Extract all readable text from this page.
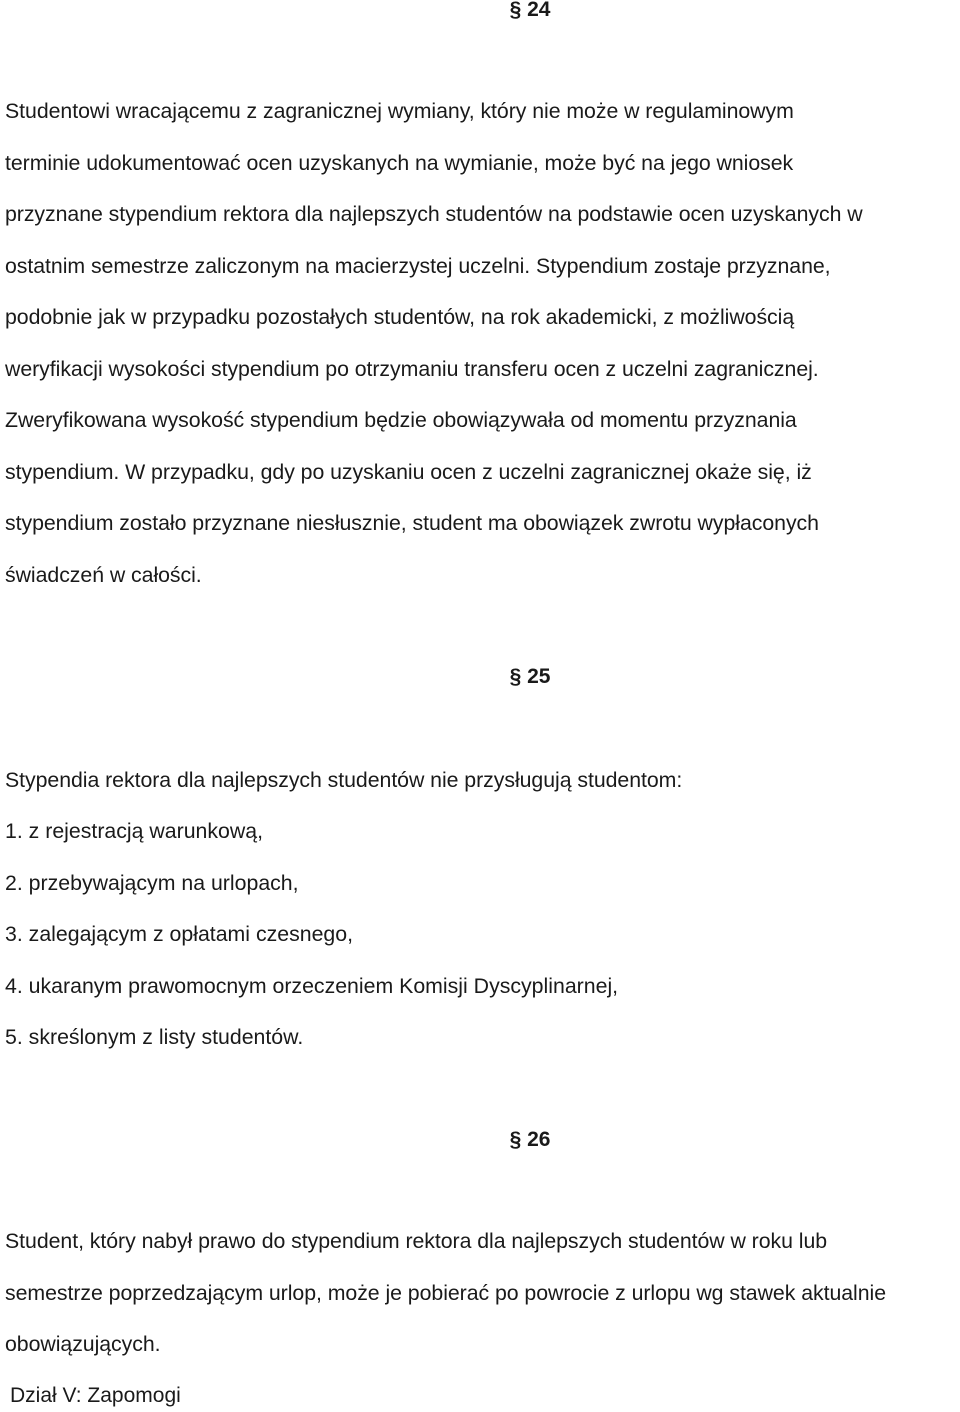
§ 24
Studentowi wracającemu z zagranicznej wymiany, który nie może w regulaminowym
terminie udokumentować ocen uzyskanych na wymianie, może być na jego wniosek
przyznane stypendium rektora dla najlepszych studentów na podstawie ocen uzyskanych w
ostatnim semestrze zaliczonym na macierzystej uczelni. Stypendium zostaje przyznane,
podobnie jak w przypadku pozostałych studentów, na rok akademicki, z możliwością
weryfikacji wysokości stypendium po otrzymaniu transferu ocen z uczelni zagranicznej.
Zweryfikowana wysokość stypendium będzie obowiązywała od momentu przyznania
stypendium. W przypadku, gdy po uzyskaniu ocen z uczelni zagranicznej okaże się, iż
stypendium zostało przyznane niesłusznie, student ma obowiązek zwrotu wypłaconych
świadczeń w całości.
§ 25

Stypendia rektora dla najlepszych studentów nie przysługują studentom:

1. z rejestracją warunkową,
2. przebywającym na urlopach,
3. zalegającym z opłatami czesnego,
4. ukaranym prawomocnym orzeczeniem Komisji Dyscyplinarnej,
5. skreślonym z listy studentów.
§ 26
Student, który nabył prawo do stypendium rektora dla najlepszych studentów w roku lub
semestrze poprzedzającym urlop, może je pobierać po powrocie z urlopu wg stawek aktualnie
obowiązujących.

Dział V: Zapomogi
